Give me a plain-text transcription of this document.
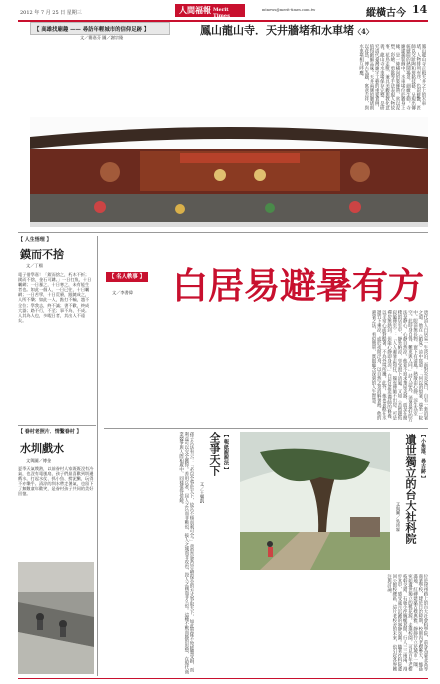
2012 年 7 月 25 日 星期三	人間福報 Merit Times
mtnews@merit-times.com.tw	縱橫古今 14
【 高雄找廟趣 —— 尋訪年輕城市的信仰足跡 】
文／簡嘉芬 圖／謝宗隆
鳳山龍山寺．天井牆堵和水車堵〈4〉
鳳山龍山寺正殿天井之上的水車堵，人物排列有序，色彩鮮艷，匠師以交趾陶和剪黏技藝，呈現出傳統戲曲的熱鬧場景，細緻生動。寺廟建築裝飾中，水車堵位於牆身上緣，是一條橫向的裝飾帶，常以泥塑、彩繪、剪黏等手法表現人物故事、花鳥走獸，兼具美觀與教化意義。龍山寺水車堵保存完整，是研究清代臺灣廟宇工藝的重要實例，值得細細品味。天井兩側的牆堵則以花鳥、博古為題，寓意吉祥，與水車堵相互呼應。
【 人生悟理 】
鏌而不捨
文／丁榴
電子借學嘉！「鍥而捨之，朽木不折；鍥而不捨，金石可鏤。」一日打魚，十日曬網；一日暴之，十日寒之，未有能生者也。如此一個人，一日已往，十日曬網；一日苦學，十日荒廢，跟隨成之，人所不樂；如此一人，點打不輸，越不全位；學我志，終不滅；書不歡，終成大器；路不行，不至；事不為，不成。人其為人也，多暇日者，其出人不遠矣。
【 眷村老照片．情繫眷村 】
水圳戲水
文與圖／傅金
夏季天氣燠熱，以前眷村人家既既沒有冷氣，也沒有電風扇，孩子們最喜歡到圳邊戲水，打起水仗、抓小魚、撈泥鰍，玩得不亦樂乎。清涼的圳水帶走暑氣，也留下了無數童年歡笑，是眷村孩子共同的美好回憶。
【 名人軼事 】
文／李書偉 白居易避暑有方
唐代詩人白居易一生淡泊，面對炎炎夏日，自有一套消暑之道。他在〈銷夏〉詩中寫道：「何以消煩暑，端坐一院中。眼前無長物，窗下有清風。熱散由心靜，涼生為室空。此時身自得，難更與人同。」詩人認為，消暑最好的方法是靜心，心靜自然涼。他並不追求華屋美器，而是在簡樸的居室中，靜坐納涼，享受窗下清風。又如〈苦熱題恆寂師禪室〉：「人人避暑走如狂，獨有禪師不出房。可是禪房無熱到，但能心靜即身涼。」白居易推崇禪師的修養，以平常心面對酷暑，不為外境所擾。此外，他也喜歡在水邊竹下乘涼，或於夜間泛舟，以自然之景消解暑熱。他的避暑之法，看似簡單，實則蘊含深刻的人生智慧。
孫子兵法有云：「必以全爭於天下，故兵不頓而利可全。」意思是要以完整保全的方式爭取天下，如此軍隊不致疲憊受損，而利益可以完全獲得。善用兵者，屈人之兵而非戰也，拔人之城而非攻也，毀人之國而非久也。這種不戰而勝的思想，在現代商業競爭與人際相處中，同樣值得借鏡。	【 報紙說說法 】
全爭天下
文／王樂凱
【 小角落．尋古跡 】
遺世獨立的台大社科院
文與圖／吳沛霖
位於徐州路上的台大社會科學院，前身為臺北高等商業學校，建於日治時期，校園內老樹參天，綠蔭滿地，紅磚建築古樸典雅，靜靜佇立於城市一隅，宛如遺世獨立的桃花源。走進校園，可見百年老樹枝幹交錯，石板小徑蜿蜒其間，行人三三兩兩，漫步其中，感受歲月沉澱的寧靜氛圍。隨著社科院遷回公館校總區，這片老校舍的未來，也引起各界關注與討論。
